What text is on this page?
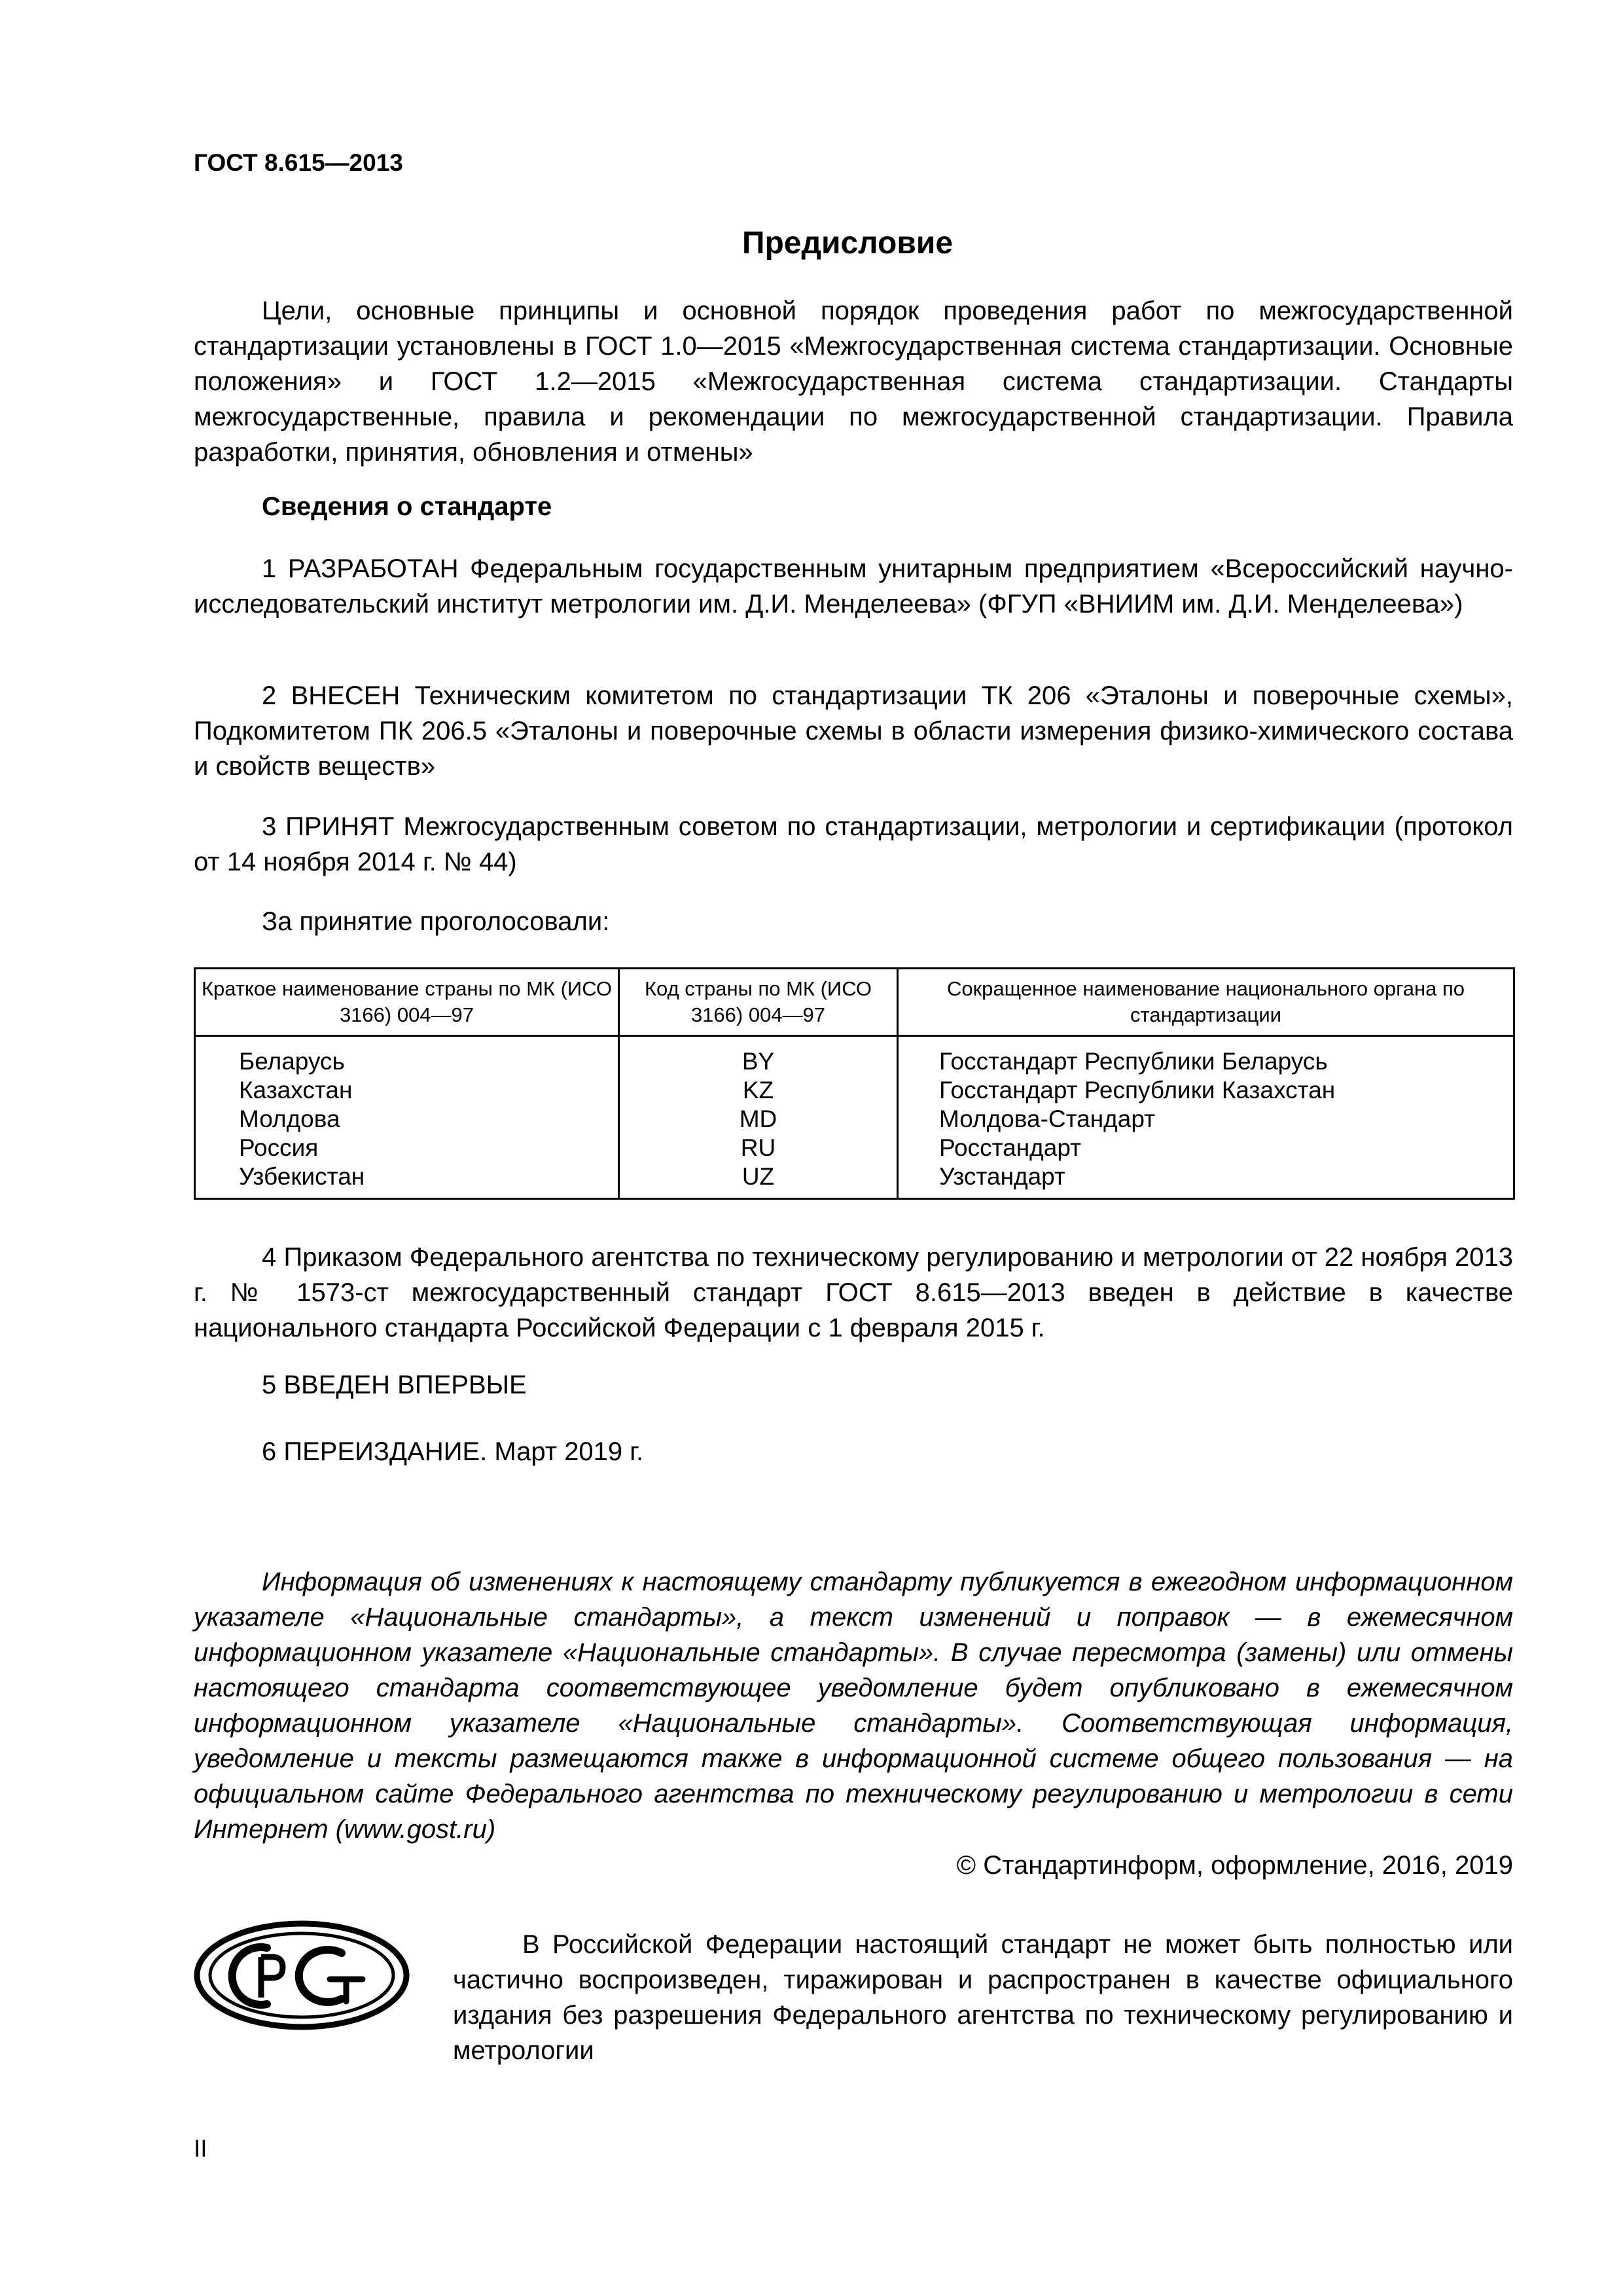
ГОСТ 8.615—2013
Предисловие

Цели, основные принципы и основной порядок проведения работ по межгосударственной стандартизации установлены в ГОСТ 1.0—2015 «Межгосударственная система стандартизации. Основные положения» и ГОСТ 1.2—2015 «Межгосударственная система стандартизации. Стандарты межгосударственные, правила и рекомендации по межгосударственной стандартизации. Правила разработки, принятия, обновления и отмены»

Сведения о стандарте

1 РАЗРАБОТАН Федеральным государственным унитарным предприятием «Всероссийский научно-исследовательский институт метрологии им. Д.И. Менделеева» (ФГУП «ВНИИМ им. Д.И. Менделеева»)

2 ВНЕСЕН Техническим комитетом по стандартизации ТК 206 «Эталоны и поверочные схемы», Подкомитетом ПК 206.5 «Эталоны и поверочные схемы в области измерения физико-химического состава и свойств веществ»

3 ПРИНЯТ Межгосударственным советом по стандартизации, метрологии и сертификации (протокол от 14 ноября 2014 г. № 44)

За принятие проголосовали:
Краткое наименование страны по МК (ИСО 3166) 004—97	Код страны по МК (ИСО 3166) 004—97	Сокращенное наименование национального органа по стандартизации
Беларусь	BY	Госстандарт Республики Беларусь
Казахстан	KZ	Госстандарт Республики Казахстан
Молдова	MD	Молдова-Стандарт
Россия	RU	Росстандарт
Узбекистан	UZ	Узстандарт

4 Приказом Федерального агентства по техническому регулированию и метрологии от 22 ноября 2013 г. № 1573-ст межгосударственный стандарт ГОСТ 8.615—2013 введен в действие в качестве национального стандарта Российской Федерации с 1 февраля 2015 г.

5 ВВЕДЕН ВПЕРВЫЕ
6 ПЕРЕИЗДАНИЕ. Март 2019 г.

Информация об изменениях к настоящему стандарту публикуется в ежегодном информационном указателе «Национальные стандарты», а текст изменений и поправок — в ежемесячном информационном указателе «Национальные стандарты». В случае пересмотра (замены) или отмены настоящего стандарта соответствующее уведомление будет опубликовано в ежемесячном информационном указателе «Национальные стандарты». Соответствующая информация, уведомление и тексты размещаются также в информационной системе общего пользования — на официальном сайте Федерального агентства по техническому регулированию и метрологии в сети Интернет (www.gost.ru)

© Стандартинформ, оформление, 2016, 2019

В Российской Федерации настоящий стандарт не может быть полностью или частично воспроизведен, тиражирован и распространен в качестве официального издания без разрешения Федерального агентства по техническому регулированию и метрологии

II
